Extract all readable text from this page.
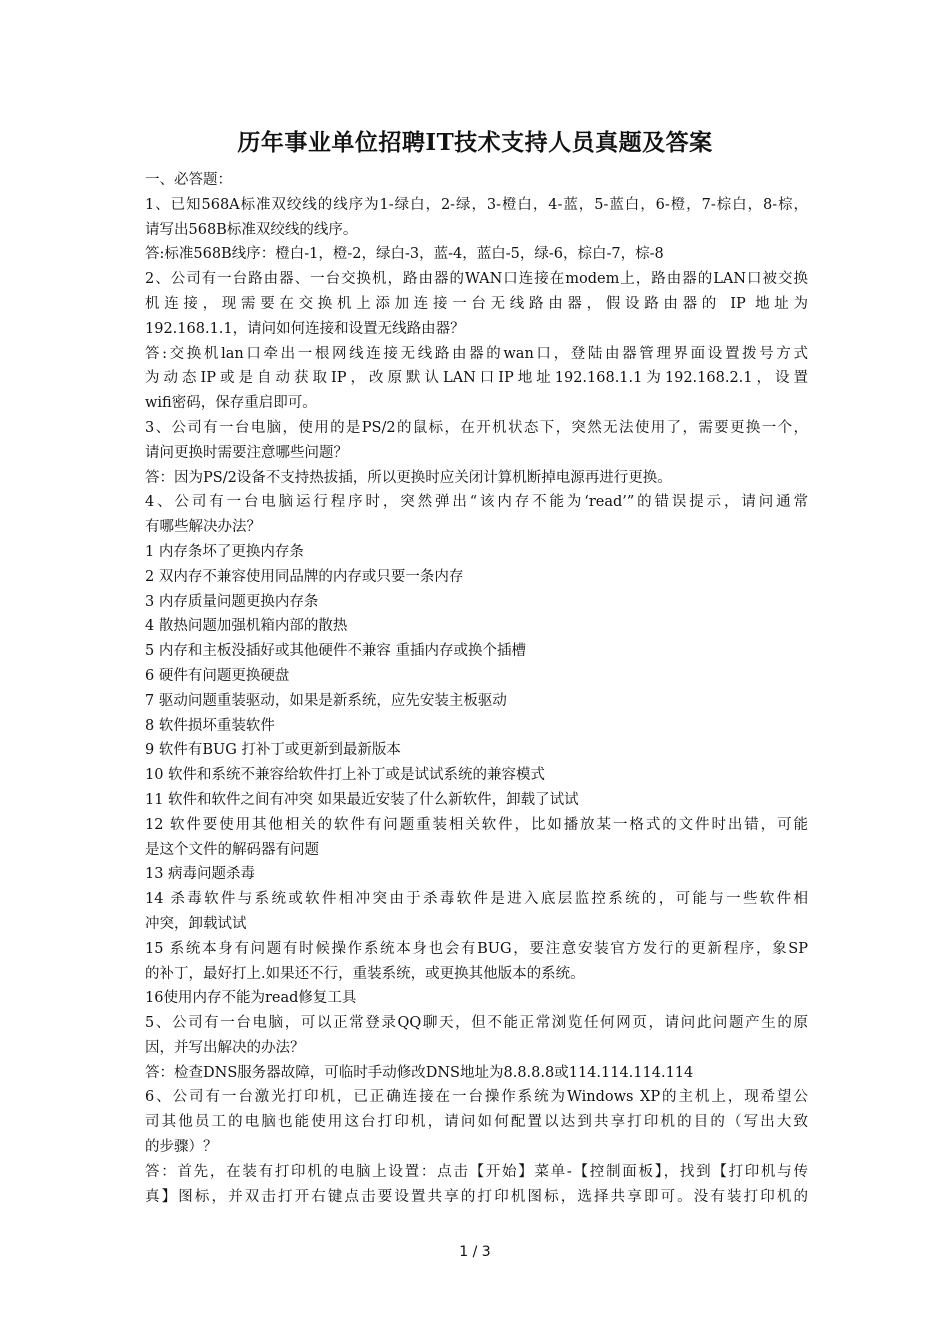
历年事业单位招聘IT技术支持人员真题及答案
一、必答题：
1、已知568A标准双绞线的线序为1-绿白，2-绿，3-橙白，4-蓝，5-蓝白，6-橙，7-棕白，8-棕，
请写出568B标准双绞线的线序。
答:标准568B线序：橙白-1，橙-2，绿白-3，蓝-4，蓝白-5，绿-6，棕白-7，棕-8
2、公司有一台路由器、一台交换机，路由器的WAN口连接在modem上，路由器的LAN口被交换
机连接，现需要在交换机上添加连接一台无线路由器，假设路由器的 IP 地址为
192.168.1.1，请问如何连接和设置无线路由器？
答:交换机lan口牵出一根网线连接无线路由器的wan口，登陆由器管理界面设置拨号方式
为动态IP或是自动获取IP，改原默认LAN口IP地址192.168.1.1为192.168.2.1，设置
wifi密码，保存重启即可。
3、公司有一台电脑，使用的是PS/2的鼠标，在开机状态下，突然无法使用了，需要更换一个，
请问更换时需要注意哪些问题？
答：因为PS/2设备不支持热拔插，所以更换时应关闭计算机断掉电源再进行更换。
4、公司有一台电脑运行程序时，突然弹出“该内存不能为‘read’”的错误提示，请问通常
有哪些解决办法？
1 内存条坏了更换内存条
2 双内存不兼容使用同品牌的内存或只要一条内存
3 内存质量问题更换内存条
4 散热问题加强机箱内部的散热
5 内存和主板没插好或其他硬件不兼容 重插内存或换个插槽
6 硬件有问题更换硬盘
7 驱动问题重装驱动，如果是新系统，应先安装主板驱动
8 软件损坏重装软件
9 软件有BUG 打补丁或更新到最新版本
10 软件和系统不兼容给软件打上补丁或是试试系统的兼容模式
11 软件和软件之间有冲突 如果最近安装了什么新软件，卸载了试试
12 软件要使用其他相关的软件有问题重装相关软件，比如播放某一格式的文件时出错，可能
是这个文件的解码器有问题
13 病毒问题杀毒
14 杀毒软件与系统或软件相冲突由于杀毒软件是进入底层监控系统的，可能与一些软件相
冲突，卸载试试
15 系统本身有问题有时候操作系统本身也会有BUG，要注意安装官方发行的更新程序，象SP
的补丁，最好打上.如果还不行，重装系统，或更换其他版本的系统。
16使用内存不能为read修复工具
5、公司有一台电脑，可以正常登录QQ聊天，但不能正常浏览任何网页，请问此问题产生的原
因，并写出解决的办法？
答：检查DNS服务器故障，可临时手动修改DNS地址为8.8.8.8或114.114.114.114
6、公司有一台激光打印机，已正确连接在一台操作系统为Windows XP的主机上，现希望公
司其他员工的电脑也能使用这台打印机，请问如何配置以达到共享打印机的目的（写出大致
的步骤）？
答：首先，在装有打印机的电脑上设置：点击【开始】菜单-【控制面板】，找到【打印机与传
真】图标，并双击打开右键点击要设置共享的打印机图标，选择共享即可。没有装打印机的
1 / 3
